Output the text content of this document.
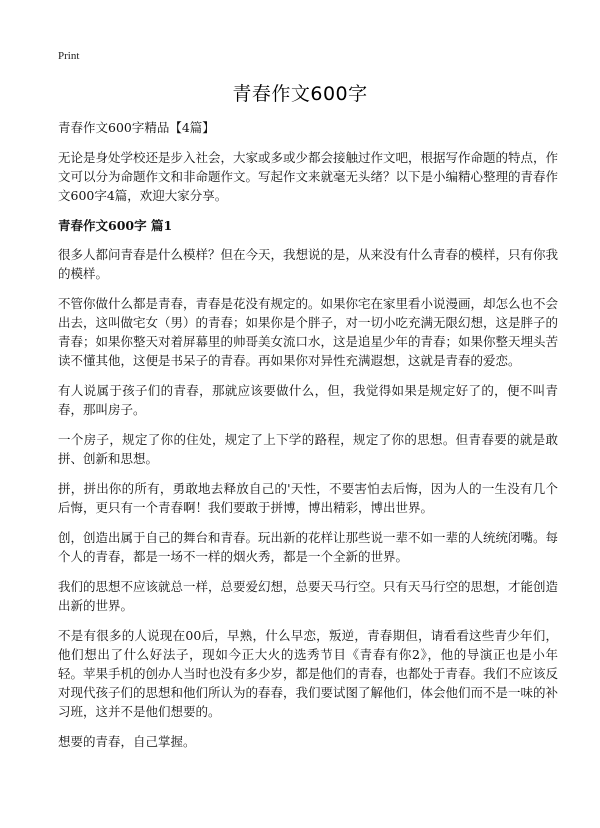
Print
青春作文600字

青春作文600字精品【4篇】

无论是身处学校还是步入社会，大家或多或少都会接触过作文吧，根据写作命题的特点，作文可以分为命题作文和非命题作文。写起作文来就毫无头绪？以下是小编精心整理的青春作文600字4篇，欢迎大家分享。

青春作文600字 篇1

很多人都问青春是什么模样？但在今天，我想说的是，从来没有什么青春的模样，只有你我的模样。

不管你做什么都是青春，青春是花没有规定的。如果你宅在家里看小说漫画，却怎么也不会出去，这叫做宅女（男）的青春；如果你是个胖子，对一切小吃充满无限幻想，这是胖子的青春；如果你整天对着屏幕里的帅哥美女流口水，这是追星少年的青春；如果你整天埋头苦读不懂其他，这便是书呆子的青春。再如果你对异性充满遐想，这就是青春的爱恋。

有人说属于孩子们的青春，那就应该要做什么，但，我觉得如果是规定好了的，便不叫青春，那叫房子。

一个房子，规定了你的住处，规定了上下学的路程，规定了你的思想。但青春要的就是敢拼、创新和思想。

拼，拼出你的所有，勇敢地去释放自己的'天性，不要害怕去后悔，因为人的一生没有几个后悔，更只有一个青春啊！我们要敢于拼博，博出精彩，博出世界。

创，创造出属于自己的舞台和青春。玩出新的花样让那些说一辈不如一辈的人统统闭嘴。每个人的青春，都是一场不一样的烟火秀，都是一个全新的世界。

我们的思想不应该就总一样，总要爱幻想，总要天马行空。只有天马行空的思想，才能创造出新的世界。

不是有很多的人说现在00后，早熟，什么早恋，叛逆，青春期但，请看看这些青少年们，他们想出了什么好法子，现如今正大火的选秀节目《青春有你2》，他的导演正也是小年轻。苹果手机的创办人当时也没有多少岁，都是他们的青春，也都处于青春。我们不应该反对现代孩子们的思想和他们所认为的春春，我们要试图了解他们，体会他们而不是一味的补习班，这并不是他们想要的。

想要的青春，自己掌握。
